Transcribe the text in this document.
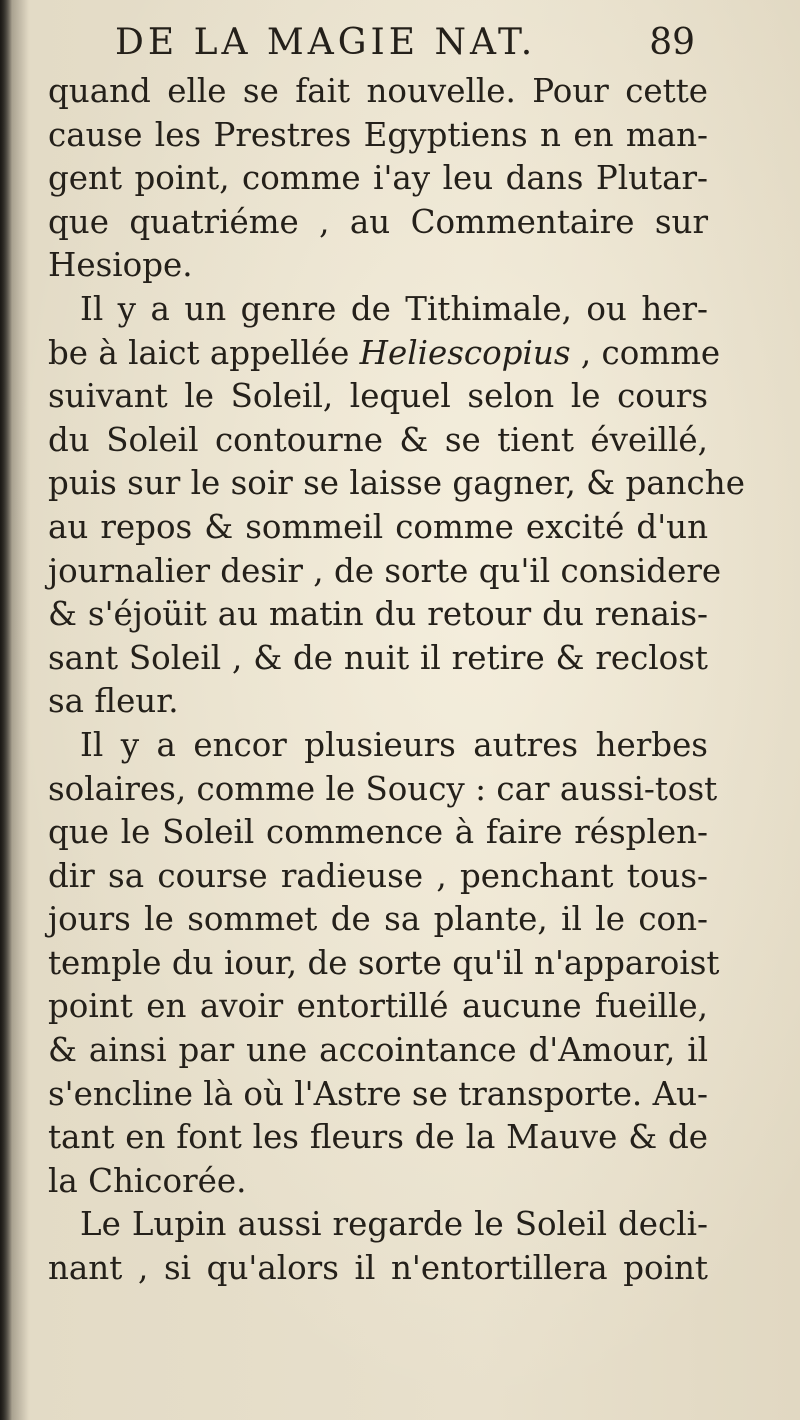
DE LA MAGIE NAT.	89
quand elle se fait nouvelle. Pour cette
cause les Prestres Egyptiens n en man-
gent point, comme i'ay leu dans Plutar-
que quatriéme , au Commentaire sur
Hesiope.
Il y a un genre de Tithimale, ou her-
be à laict appellée Heliescopius , comme
suivant le Soleil, lequel selon le cours
du Soleil contourne & se tient éveillé,
puis sur le soir se laisse gagner, & panche
au repos & sommeil comme excité d'un
journalier desir , de sorte qu'il considere
& s'éjoüit au matin du retour du renais-
sant Soleil , & de nuit il retire & reclost
sa fleur.
Il y a encor plusieurs autres herbes
solaires, comme le Soucy : car aussi-tost
que le Soleil commence à faire résplen-
dir sa course radieuse , penchant tous-
jours le sommet de sa plante, il le con-
temple du iour, de sorte qu'il n'apparoist
point en avoir entortillé aucune fueille,
& ainsi par une accointance d'Amour, il
s'encline là où l'Astre se transporte. Au-
tant en font les fleurs de la Mauve & de
la Chicorée.
Le Lupin aussi regarde le Soleil decli-
nant , si qu'alors il n'entortillera point
